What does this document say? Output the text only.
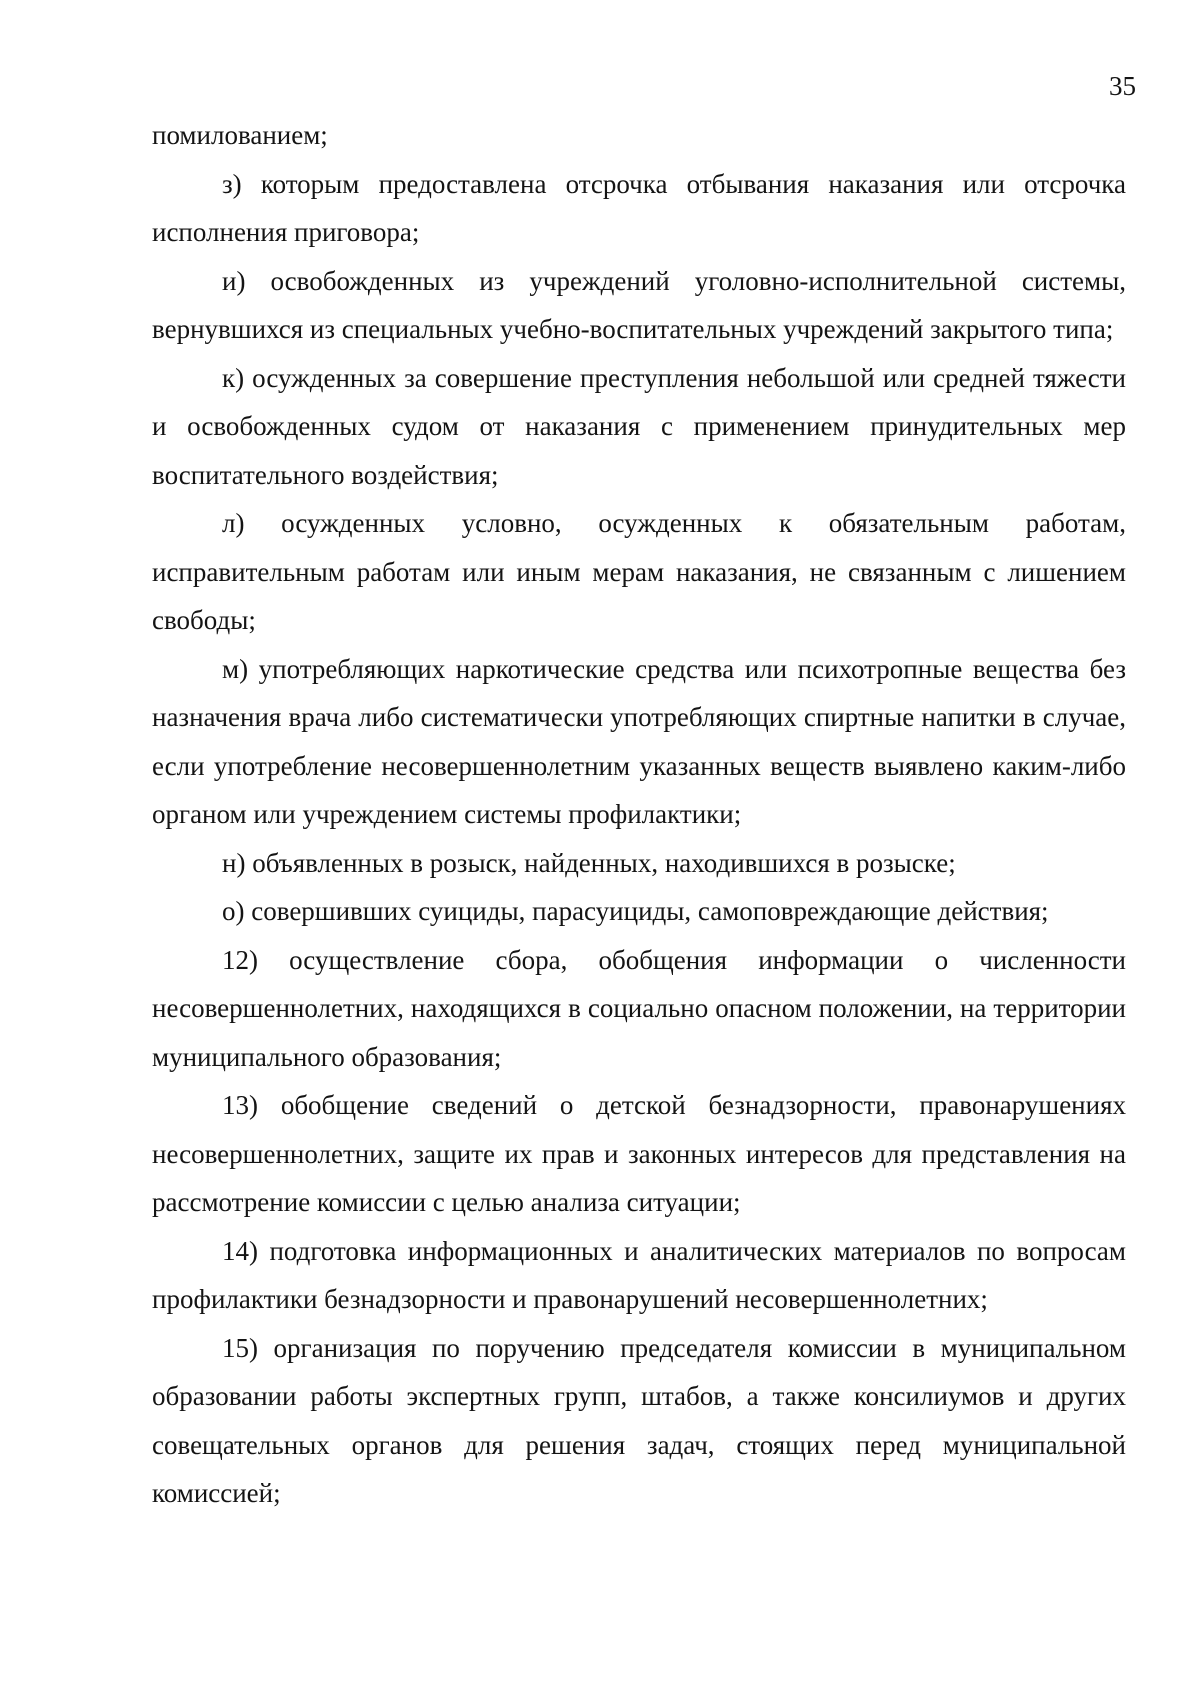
35

помилованием;

з) которым предоставлена отсрочка отбывания наказания или отсрочка исполнения приговора;

и) освобожденных из учреждений уголовно-исполнительной системы, вернувшихся из специальных учебно-воспитательных учреждений закрытого типа;

к) осужденных за совершение преступления небольшой или средней тяжести и освобожденных судом от наказания с применением принудительных мер воспитательного воздействия;

л) осужденных условно, осужденных к обязательным работам, исправительным работам или иным мерам наказания, не связанным с лишением свободы;

м) употребляющих наркотические средства или психотропные вещества без назначения врача либо систематически употребляющих спиртные напитки в случае, если употребление несовершеннолетним указанных веществ выявлено каким-либо органом или учреждением системы профилактики;

н) объявленных в розыск, найденных, находившихся в розыске;

о) совершивших суициды, парасуициды, самоповреждающие действия;

12) осуществление сбора, обобщения информации о численности несовершеннолетних, находящихся в социально опасном положении, на территории муниципального образования;

13) обобщение сведений о детской безнадзорности, правонарушениях несовершеннолетних, защите их прав и законных интересов для представления на рассмотрение комиссии с целью анализа ситуации;

14) подготовка информационных и аналитических материалов по вопросам профилактики безнадзорности и правонарушений несовершеннолетних;

15) организация по поручению председателя комиссии в муниципальном образовании работы экспертных групп, штабов, а также консилиумов и других совещательных органов для решения задач, стоящих перед муниципальной комиссией;
